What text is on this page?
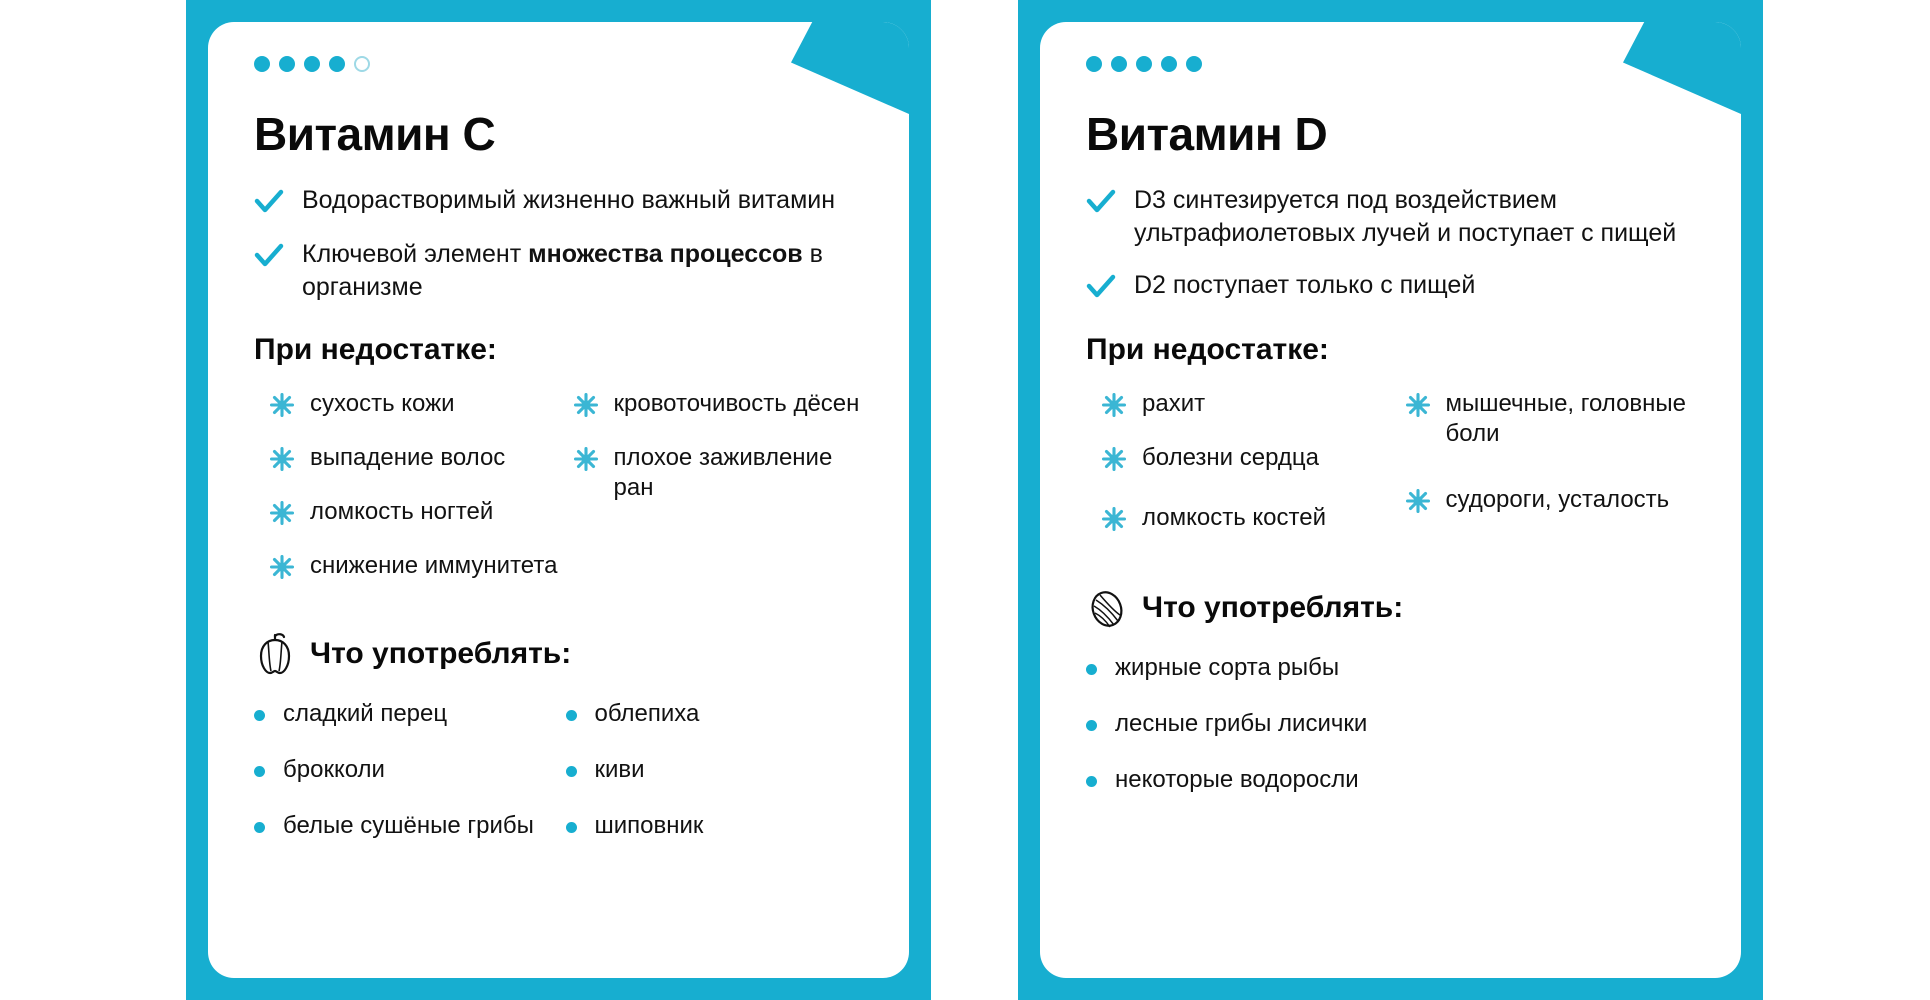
Витамин C
Водорастворимый жизненно важный витамин
Ключевой элемент множества процессов в организме
При недостатке:
сухость кожи
выпадение волос
ломкость ногтей
снижение иммунитета
кровоточивость дёсен
плохое заживление ран
Что употреблять:
сладкий перец
брокколи
белые сушёные грибы
облепиха
киви
шиповник
Витамин D
D3 синтезируется под воздействием ультрафиолетовых лучей и поступает с пищей
D2 поступает только с пищей
При недостатке:
рахит
болезни сердца
ломкость костей
мышечные, головные боли
судороги, усталость
Что употреблять:
жирные сорта рыбы
лесные грибы лисички
некоторые водоросли
